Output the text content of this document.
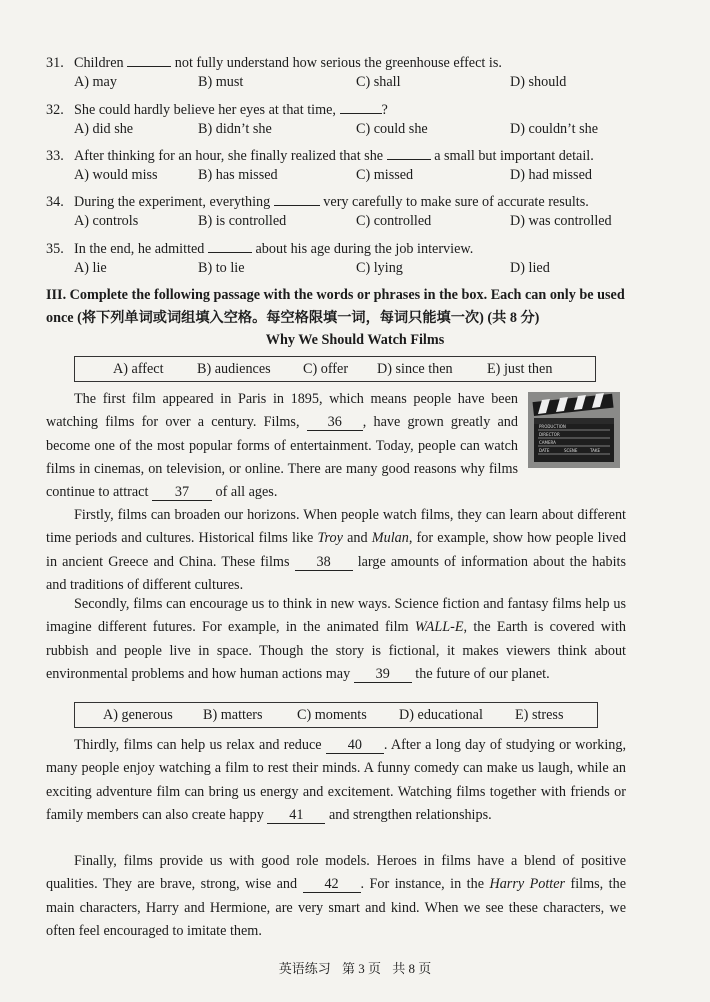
31. Children	not fully understand how serious the greenhouse effect is.
A) may	B) must	C) shall	D) should
32. She could hardly believe her eyes at that time,	?
A) did she	B) didn’t she	C) could she	D) couldn’t she
33. After thinking for an hour, she finally realized that she	a small but important detail.
A) would miss	B) has missed	C) missed	D) had missed
34. During the experiment, everything	very carefully to make sure of accurate results.
A) controls	B) is controlled	C) controlled	D) was controlled
35. In the end, he admitted	about his age during the job interview.
A) lie	B) to lie	C) lying	D) lied
III. Complete the following passage with the words or phrases in the box. Each can only be used once (将下列单词或词组填入空格。每空格限填一词，每词只能填一次) (共 8 分)
Why We Should Watch Films
A) affect B) audiences C) offer D) since then E) just then
PRODUCTION
DIRECTOR
CAMERA
DATE	SCENE	TAKE

The first film appeared in Paris in 1895, which means people have been watching films for over a century. Films, 36 , have grown greatly and become one of the most popular forms of entertainment. Today, people can watch films in cinemas, on television, or online. There are many good reasons why films continue to attract 37 of all ages.

Firstly, films can broaden our horizons. When people watch films, they can learn about different time periods and cultures. Historical films like Troy and Mulan, for example, show how people lived in ancient Greece and China. These films 38 large amounts of information about the habits and traditions of different cultures.

Secondly, films can encourage us to think in new ways. Science fiction and fantasy films help us imagine different futures. For example, in the animated film WALL-E, the Earth is covered with rubbish and people live in space. Though the story is fictional, it makes viewers think about environmental problems and how human actions may 39 the future of our planet.

A) generous B) matters C) moments D) educational E) stress

Thirdly, films can help us relax and reduce 40 . After a long day of studying or working, many people enjoy watching a film to rest their minds. A funny comedy can make us laugh, while an exciting adventure film can bring us energy and excitement. Watching films together with friends or family members can also create happy 41 and strengthen relationships.

Finally, films provide us with good role models. Heroes in films have a blend of positive qualities. They are brave, strong, wise and 42 . For instance, in the Harry Potter films, the main characters, Harry and Hermione, are very smart and kind. When we see these characters, we often feel encouraged to imitate them.

英语练习 第 3 页 共 8 页
